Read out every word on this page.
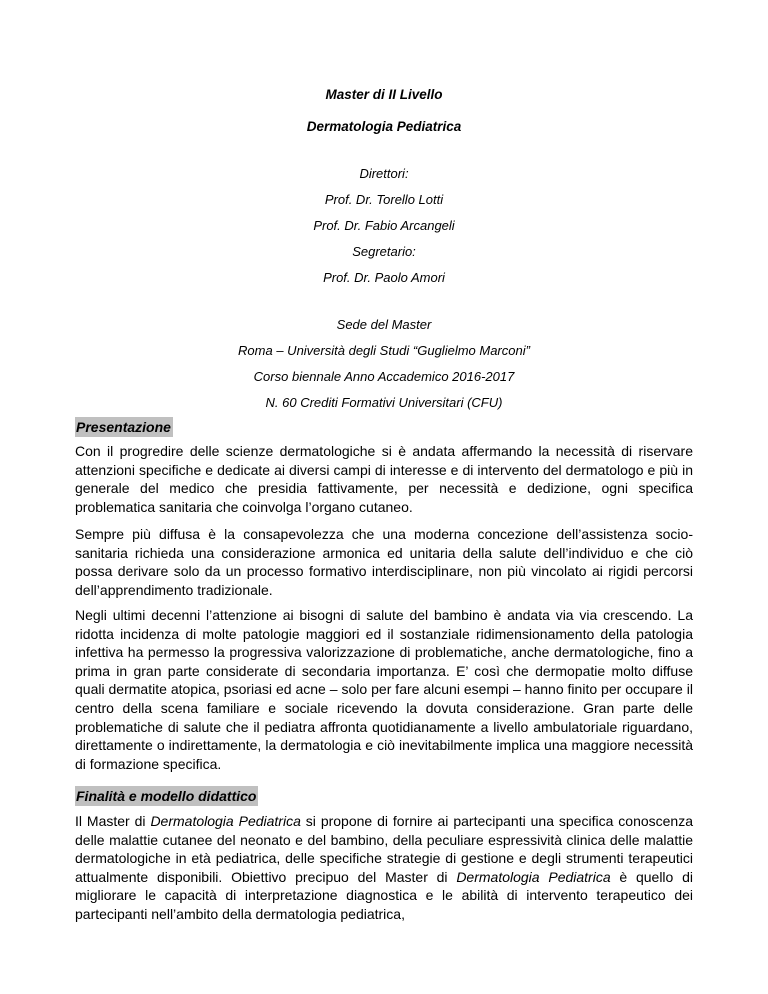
Master di II Livello
Dermatologia Pediatrica
Direttori:
Prof. Dr. Torello Lotti
Prof. Dr. Fabio Arcangeli
Segretario:
Prof. Dr. Paolo Amori
Sede del Master
Roma – Università degli Studi “Guglielmo Marconi”
Corso biennale Anno Accademico 2016-2017
N. 60 Crediti Formativi Universitari (CFU)
Presentazione
Con il progredire delle scienze dermatologiche si è andata affermando la necessità di riservare attenzioni specifiche e dedicate ai diversi campi di interesse e di intervento del dermatologo e più in generale del medico che presidia fattivamente, per necessità e dedizione, ogni specifica problematica sanitaria che coinvolga l’organo cutaneo.
Sempre più diffusa è la consapevolezza che una moderna concezione dell’assistenza socio-sanitaria richieda una considerazione armonica ed unitaria della salute dell’individuo e che ciò possa derivare solo da un processo formativo interdisciplinare, non più vincolato ai rigidi percorsi dell’apprendimento tradizionale.
Negli ultimi decenni l’attenzione ai bisogni di salute del bambino è andata via via crescendo. La ridotta incidenza di molte patologie maggiori ed il sostanziale ridimensionamento della patologia infettiva ha permesso la progressiva valorizzazione di problematiche, anche dermatologiche, fino a prima in gran parte considerate di secondaria importanza. E’ così che dermopatie molto diffuse quali dermatite atopica, psoriasi ed acne – solo per fare alcuni esempi – hanno finito per occupare il centro della scena familiare e sociale ricevendo la dovuta considerazione. Gran parte delle problematiche di salute che il pediatra affronta quotidianamente a livello ambulatoriale riguardano, direttamente o indirettamente, la dermatologia e ciò inevitabilmente implica una maggiore necessità di formazione specifica.
Finalità e modello didattico
Il Master di Dermatologia Pediatrica si propone di fornire ai partecipanti una specifica conoscenza delle malattie cutanee del neonato e del bambino, della peculiare espressività clinica delle malattie dermatologiche in età pediatrica, delle specifiche strategie di gestione e degli strumenti terapeutici attualmente disponibili. Obiettivo precipuo del Master di Dermatologia Pediatrica è quello di migliorare le capacità di interpretazione diagnostica e le abilità di intervento terapeutico dei partecipanti nell’ambito della dermatologia pediatrica,
